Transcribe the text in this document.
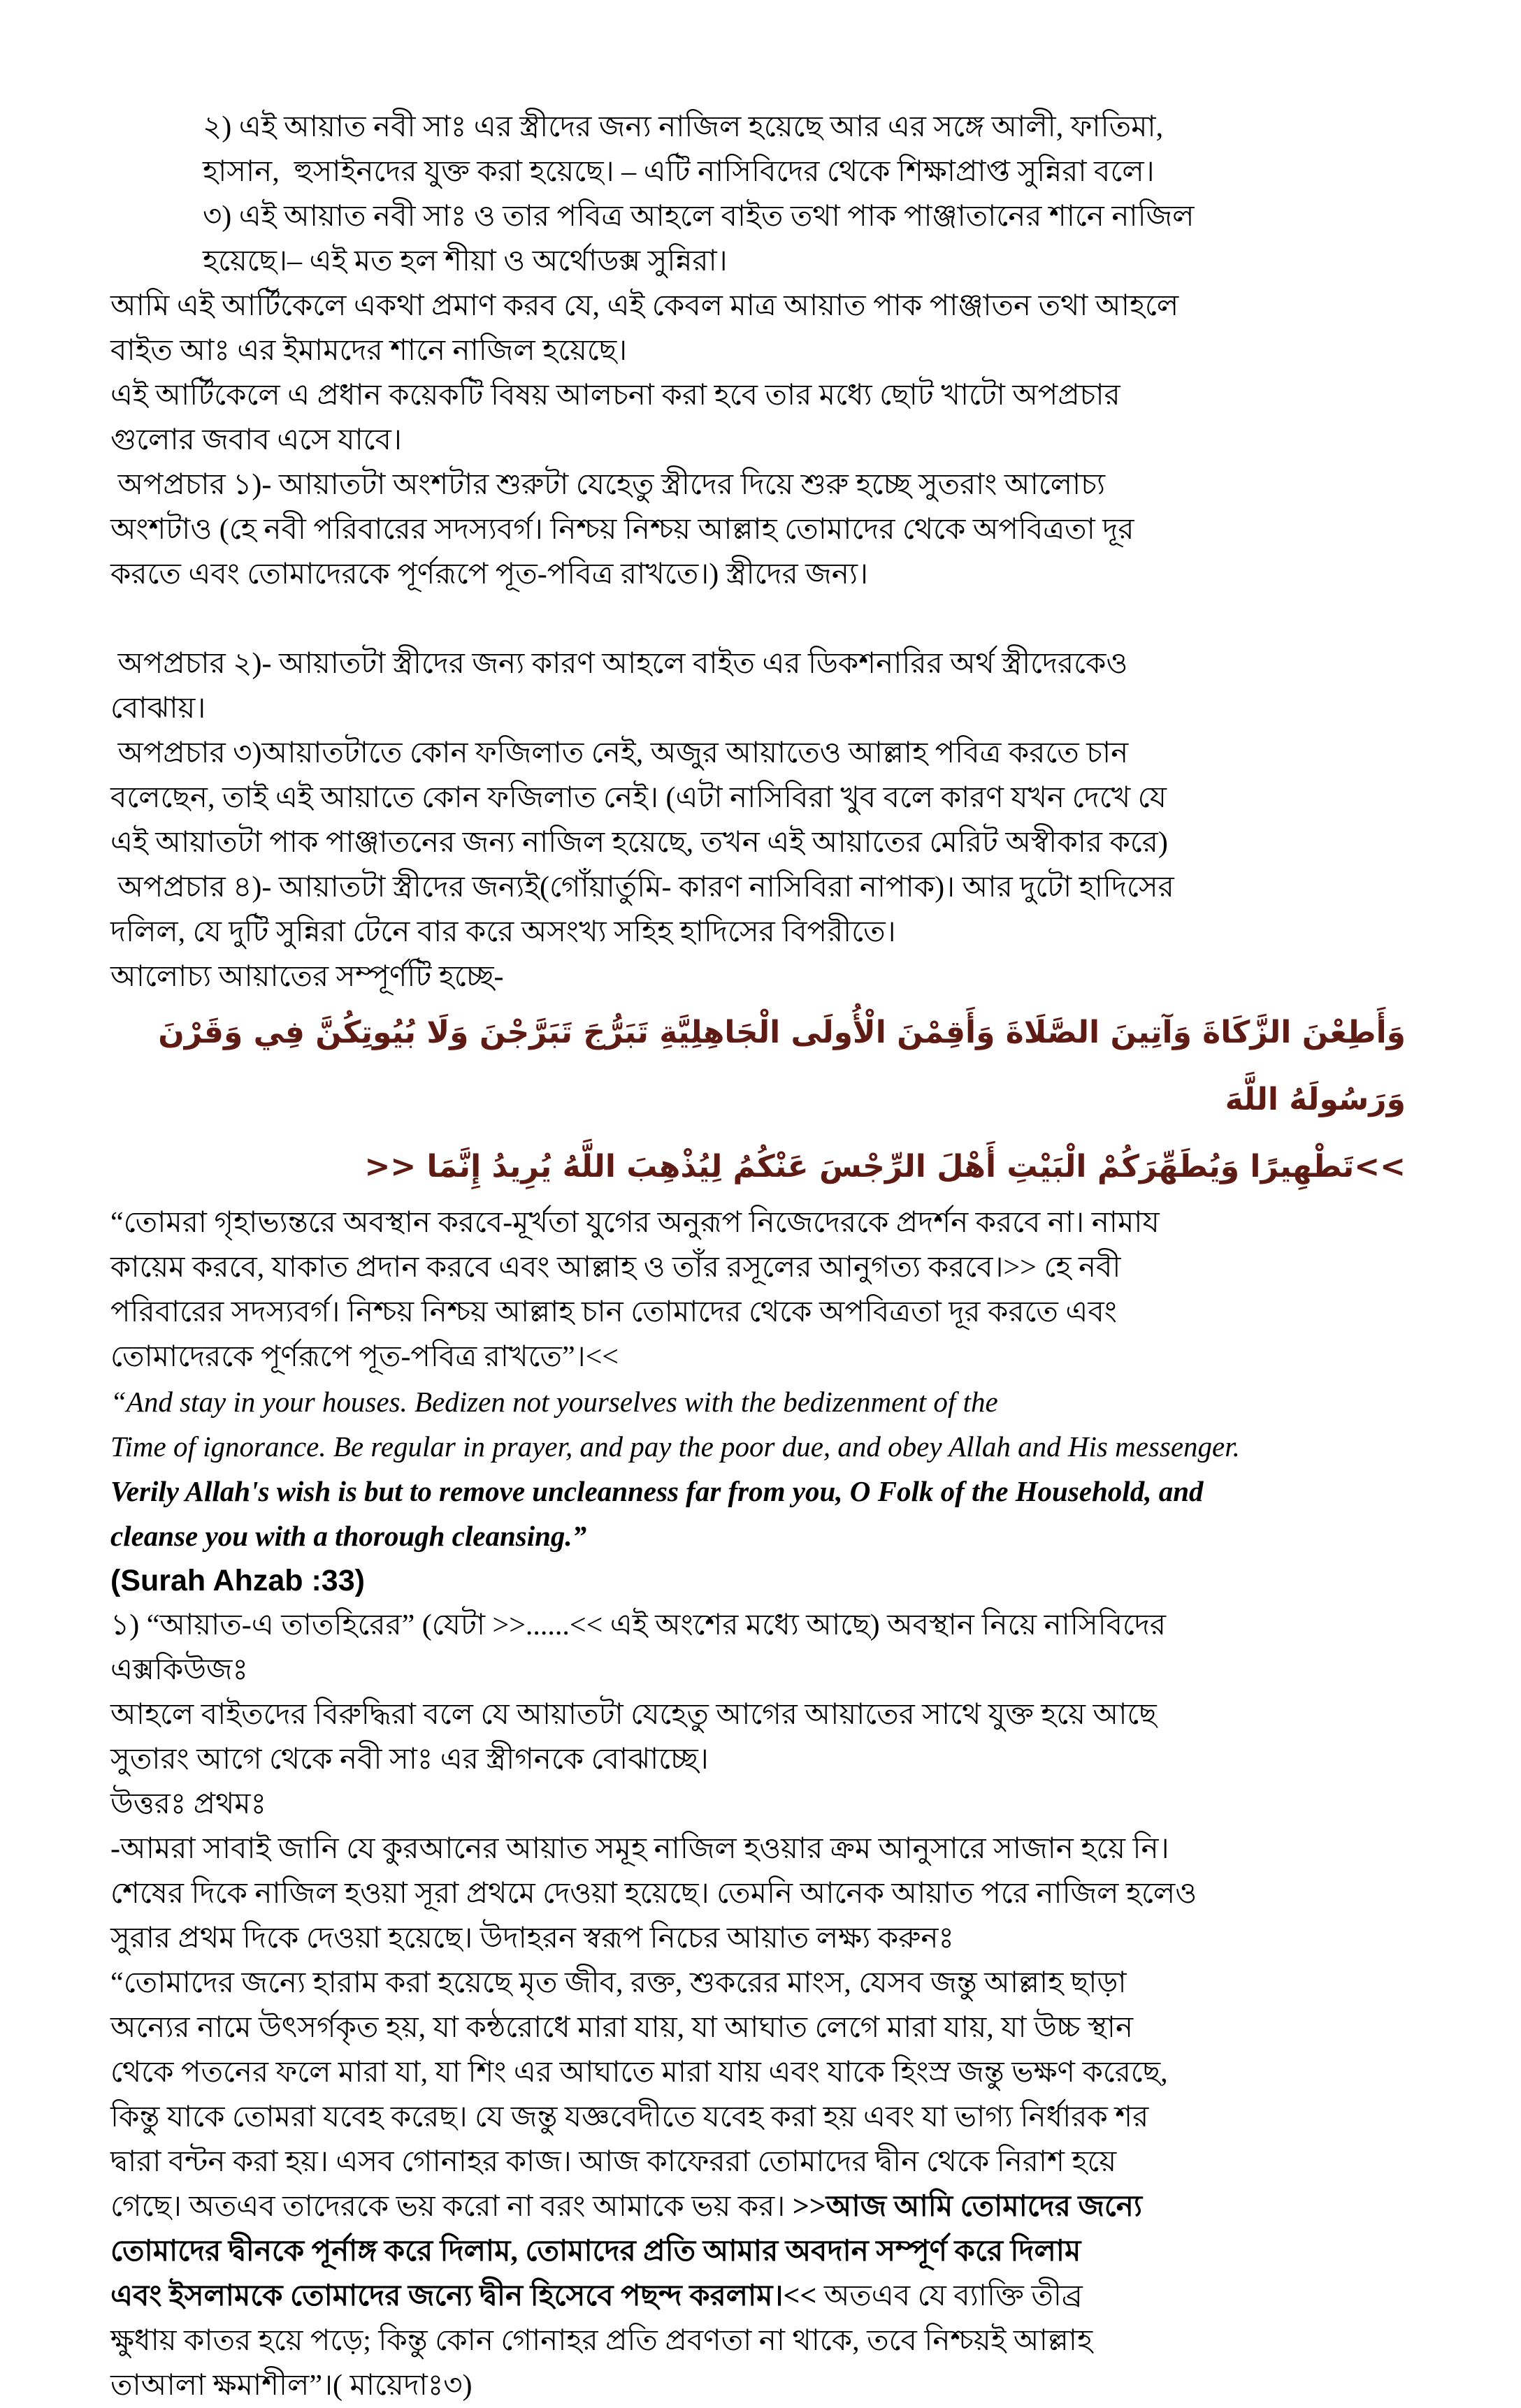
২) এই আয়াত নবী সাঃ এর স্ত্রীদের জন্য নাজিল হয়েছে আর এর সঙ্গে আলী, ফাতিমা,
হাসান,  হুসাইনদের যুক্ত করা হয়েছে। – এটি নাসিবিদের থেকে শিক্ষাপ্রাপ্ত সুন্নিরা বলে।
৩) এই আয়াত নবী সাঃ ও তার পবিত্র আহলে বাইত তথা পাক পাঞ্জাতানের শানে নাজিল
হয়েছে।– এই মত হল শীয়া ও অর্থোডক্স সুন্নিরা।
আমি এই আর্টিকেলে একথা প্রমাণ করব যে, এই কেবল মাত্র আয়াত পাক পাঞ্জাতন তথা আহলে
বাইত আঃ এর ইমামদের শানে নাজিল হয়েছে।
এই আর্টিকেলে এ প্রধান কয়েকটি বিষয় আলচনা করা হবে তার মধ্যে ছোট খাটো অপপ্রচার
গুলোর জবাব এসে যাবে।
অপপ্রচার ১)- আয়াতটা অংশটার শুরুটা যেহেতু স্ত্রীদের দিয়ে শুরু হচ্ছে সুতরাং আলোচ্য
অংশটাও (হে নবী পরিবারের সদস্যবর্গ। নিশ্চয় নিশ্চয় আল্লাহ তোমাদের থেকে অপবিত্রতা দূর
করতে এবং তোমাদেরকে পূর্ণরূপে পূত-পবিত্র রাখতে।) স্ত্রীদের জন্য।
অপপ্রচার ২)- আয়াতটা স্ত্রীদের জন্য কারণ আহলে বাইত এর ডিকশনারির অর্থ স্ত্রীদেরকেও
বোঝায়।
অপপ্রচার ৩)আয়াতটাতে কোন ফজিলাত নেই, অজুর আয়াতেও আল্লাহ পবিত্র করতে চান
বলেছেন, তাই এই আয়াতে কোন ফজিলাত নেই। (এটা নাসিবিরা খুব বলে কারণ যখন দেখে যে
এই আয়াতটা পাক পাঞ্জাতনের জন্য নাজিল হয়েছে, তখন এই আয়াতের মেরিট অস্বীকার করে)
অপপ্রচার ৪)- আয়াতটা স্ত্রীদের জন্যই(গোঁয়ার্তুমি- কারণ নাসিবিরা নাপাক)। আর দুটো হাদিসের
দলিল, যে দুটি সুন্নিরা টেনে বার করে অসংখ্য সহিহ হাদিসের বিপরীতে।
আলোচ্য আয়াতের সম্পূর্ণটি হচ্ছে-
وَقَرْنَ فِي بُيُوتِكُنَّ وَلَا تَبَرَّجْنَ تَبَرُّجَ الْجَاهِلِيَّةِ الْأُولَى وَأَقِمْنَ الصَّلَاةَ وَآتِينَ الزَّكَاةَ وَأَطِعْنَ اللَّهَ وَرَسُولَهُ
>> إِنَّمَا يُرِيدُ اللَّهُ لِيُذْهِبَ عَنْكُمُ الرِّجْسَ أَهْلَ الْبَيْتِ وَيُطَهِّرَكُمْ تَطْهِيرًا<<
“তোমরা গৃহাভ্যন্তরে অবস্থান করবে-মূর্খতা যুগের অনুরূপ নিজেদেরকে প্রদর্শন করবে না। নামায
কায়েম করবে, যাকাত প্রদান করবে এবং আল্লাহ ও তাঁর রসূলের আনুগত্য করবে।>> হে নবী
পরিবারের সদস্যবর্গ। নিশ্চয় নিশ্চয় আল্লাহ চান তোমাদের থেকে অপবিত্রতা দূর করতে এবং
তোমাদেরকে পূর্ণরূপে পূত-পবিত্র রাখতে”।<<
“And stay in your houses. Bedizen not yourselves with the bedizenment of the
Time of ignorance. Be regular in prayer, and pay the poor due, and obey Allah and His messenger.
Verily Allah's wish is but to remove uncleanness far from you, O Folk of the Household, and
cleanse you with a thorough cleansing.”
(Surah Ahzab :33)
১) “আয়াত-এ তাতহিরের” (যেটা >>......<< এই অংশের মধ্যে আছে) অবস্থান নিয়ে নাসিবিদের
এক্সকিউজঃ
আহলে বাইতদের বিরুদ্ধিরা বলে যে আয়াতটা যেহেতু আগের আয়াতের সাথে যুক্ত হয়ে আছে
সুতারং আগে থেকে নবী সাঃ এর স্ত্রীগনকে বোঝাচ্ছে।
উত্তরঃ প্রথমঃ
-আমরা সাবাই জানি যে কুরআনের আয়াত সমূহ নাজিল হওয়ার ক্রম আনুসারে সাজান হয়ে নি।
শেষের দিকে নাজিল হওয়া সূরা প্রথমে দেওয়া হয়েছে। তেমনি আনেক আয়াত পরে নাজিল হলেও
সুরার প্রথম দিকে দেওয়া হয়েছে। উদাহরন স্বরূপ নিচের আয়াত লক্ষ্য করুনঃ
“তোমাদের জন্যে হারাম করা হয়েছে মৃত জীব, রক্ত, শুকরের মাংস, যেসব জন্তু আল্লাহ ছাড়া
অন্যের নামে উৎসর্গকৃত হয়, যা কন্ঠরোধে মারা যায়, যা আঘাত লেগে মারা যায়, যা উচ্চ স্থান
থেকে পতনের ফলে মারা যা, যা শিং এর আঘাতে মারা যায় এবং যাকে হিংস্র জন্তু ভক্ষণ করেছে,
কিন্তু যাকে তোমরা যবেহ করেছ। যে জন্তু যজ্ঞবেদীতে যবেহ করা হয় এবং যা ভাগ্য নির্ধারক শর
দ্বারা বন্টন করা হয়। এসব গোনাহর কাজ। আজ কাফেররা তোমাদের দ্বীন থেকে নিরাশ হয়ে
গেছে। অতএব তাদেরকে ভয় করো না বরং আমাকে ভয় কর। >>আজ আমি তোমাদের জন্যে
তোমাদের দ্বীনকে পূর্নাঙ্গ করে দিলাম, তোমাদের প্রতি আমার অবদান সম্পূর্ণ করে দিলাম
এবং ইসলামকে তোমাদের জন্যে দ্বীন হিসেবে পছন্দ করলাম।<< অতএব যে ব্যাক্তি তীব্র
ক্ষুধায় কাতর হয়ে পড়ে; কিন্তু কোন গোনাহর প্রতি প্রবণতা না থাকে, তবে নিশ্চয়ই আল্লাহ
তাআলা ক্ষমাশীল”।( মায়েদাঃ৩)
